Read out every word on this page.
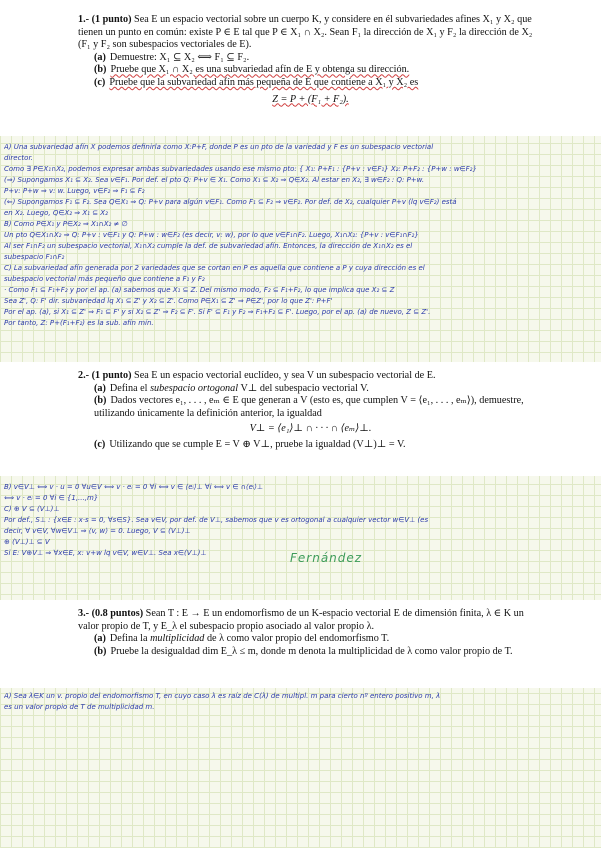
1.- (1 punto) Sea E un espacio vectorial sobre un cuerpo K, y considere en él subvariedades afines X₁ y X₂ que tienen un punto en común: existe P ∈ E tal que P ∈ X₁ ∩ X₂. Sean F₁ la dirección de X₁ y F₂ la dirección de X₂ (F₁ y F₂ son subespacios vectoriales de E).

(a) Demuestre: X₁ ⊆ X₂ ⟺ F₁ ⊆ F₂.

(b) Pruebe que X₁ ∩ X₂ es una subvariedad afín de E y obtenga su dirección.

(c) Pruebe que la subvariedad afín más pequeña de E que contiene a X₁ y X₂ es

Z = P + (F₁ + F₂).

A) Una subvariedad afín X podemos definirla como X:P+F, donde P es un pto de la variedad y F es un subespacio vectorial
director.
Como ∃ P∈X₁∩X₂, podemos expresar ambas subvariedades usando ese mismo pto: { X₁: P+F₁ : {P+v : v∈F₁} X₂: P+F₂ : {P+w : w∈F₂}
(⇒) Supongamos X₁ ⊆ X₂. Sea v∈F₁. Por def. el pto Q: P+v ∈ X₁. Como X₁ ⊆ X₂ ⇒ Q∈X₂. Al estar en X₂, ∃ w∈F₂ : Q: P+w.
P+v: P+w ⇒ v: w. Luego, v∈F₂ ⇒ F₁ ⊆ F₂
(⇐) Supongamos F₁ ⊆ F₂. Sea Q∈X₁ ⇒ Q: P+v para algún v∈F₁. Como F₁ ⊆ F₂ ⇒ v∈F₂. Por def. de X₂, cualquier P+v (lq v∈F₂) está
en X₂. Luego, Q∈X₂ ⇒ X₁ ⊆ X₂
B) Como P∈X₁ y P∈X₂ ⇒ X₁∩X₂ ≠ ∅
Un pto Q∈X₁∩X₂ ⇒ Q: P+v : v∈F₁ y Q: P+w : w∈F₂ (es decir, v: w), por lo que v∈F₁∩F₂. Luego, X₁∩X₂: {P+v : v∈F₁∩F₂}
Al ser F₁∩F₂ un subespacio vectorial, X₁∩X₂ cumple la def. de subvariedad afín. Entonces, la dirección de X₁∩X₂ es el
subespacio F₁∩F₂
C) La subvariedad afín generada por 2 variedades que se cortan en P es aquella que contiene a P y cuya dirección es el
subespacio vectorial más pequeño que contiene a F₁ y F₂
· Como F₁ ⊆ F₁+F₂ y por el ap. (a) sabemos que X₁ ⊆ Z. Del mismo modo, F₂ ⊆ F₁+F₂, lo que implica que X₂ ⊆ Z
Sea Z', Q: F' dir. subvariedad lq X₁ ⊆ Z' y X₂ ⊆ Z'. Como P∈X₁ ⊆ Z' ⇒ P∈Z', por lo que Z': P+F'
Por el ap. (a), si X₁ ⊆ Z' ⇒ F₁ ⊆ F' y si X₂ ⊆ Z' ⇒ F₂ ⊆ F'. Si F' ⊆ F₁ y F₂ ⇒ F₁+F₂ ⊆ F'. Luego, por el ap. (a) de nuevo, Z ⊆ Z'.
Por tanto, Z: P+(F₁+F₂) es la sub. afín mín.

2.- (1 punto) Sea E un espacio vectorial euclídeo, y sea V un subespacio vectorial de E.

(a) Defina el subespacio ortogonal V⊥ del subespacio vectorial V.

(b) Dados vectores e₁, . . . , eₘ ∈ E que generan a V (esto es, que cumplen V = ⟨e₁, . . . , eₘ⟩), demuestre, utilizando únicamente la definición anterior, la igualdad

V⊥ = ⟨e₁⟩⊥ ∩ · · · ∩ ⟨eₘ⟩⊥.

(c) Utilizando que se cumple E = V ⊕ V⊥, pruebe la igualdad (V⊥)⊥ = V.

B) v∈V⊥ ⟺ v · u = 0 ∀u∈V ⟺ v · eᵢ = 0 ∀i ⟺ v ∈ ⟨eᵢ⟩⊥ ∀i ⟺ v ∈ ∩⟨eᵢ⟩⊥
⟺ v · eᵢ = 0 ∀i ∈ {1,...,m}
C) ⊕ V ⊆ (V⊥)⊥
Por def., S⊥ : {x∈E : x·s = 0, ∀s∈S}. Sea v∈V, por def. de V⊥, sabemos que v es ortogonal a cualquier vector w∈V⊥ (es
decir, ∀ v∈V, ∀w∈V⊥ ⇒ ⟨v, w⟩ = 0. Luego, V ⊆ (V⊥)⊥
⊕ (V⊥)⊥ ⊆ V
Si E: V⊕V⊥ ⇒ ∀x∈E, x: v+w lq v∈V, w∈V⊥. Sea x∈(V⊥)⊥	Fernández

3.- (0.8 puntos) Sean T : E → E un endomorfismo de un K-espacio vectorial E de dimensión finita, λ ∈ K un valor propio de T, y E_λ el subespacio propio asociado al valor propio λ.

(a) Defina la multiplicidad de λ como valor propio del endomorfismo T.

(b) Pruebe la desigualdad dim E_λ ≤ m, donde m denota la multiplicidad de λ como valor propio de T.

A) Sea λ∈K un v. propio del endomorfismo T, en cuyo caso λ es raíz de C(λ) de multipl. m para cierto nº entero positivo m, λ
es un valor propio de T de multiplicidad m.
